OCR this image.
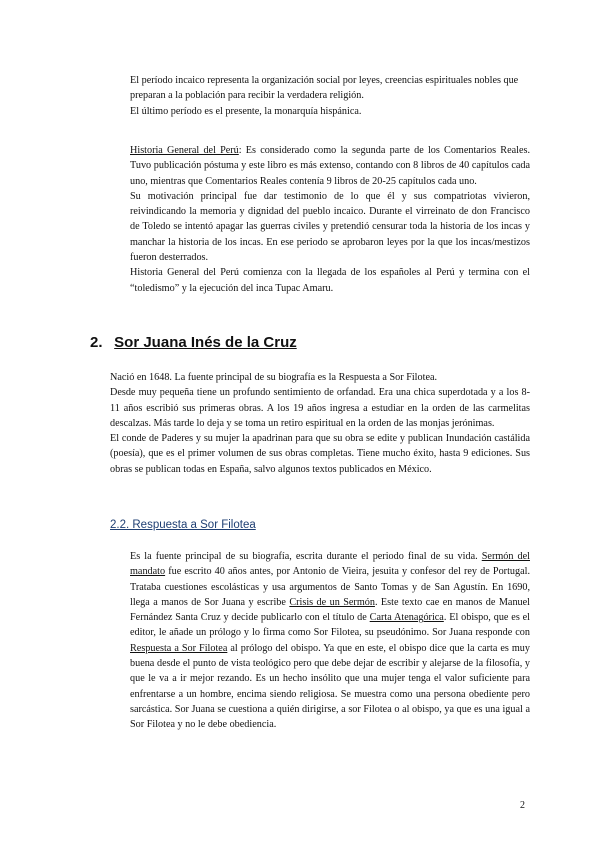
El período incaico representa la organización social por leyes, creencias espirituales nobles que preparan a la población para recibir la verdadera religión.

El último período es el presente, la monarquía hispánica.

Historia General del Perú: Es considerado como la segunda parte de los Comentarios Reales. Tuvo publicación póstuma y este libro es más extenso, contando con 8 libros de 40 capítulos cada uno, mientras que Comentarios Reales contenía 9 libros de 20-25 capítulos cada uno.

Su motivación principal fue dar testimonio de lo que él y sus compatriotas vivieron, reivindicando la memoria y dignidad del pueblo incaico. Durante el virreinato de don Francisco de Toledo se intentó apagar las guerras civiles y pretendió censurar toda la historia de los incas y manchar la historia de los incas. En ese periodo se aprobaron leyes por la que los incas/mestizos fueron desterrados.

Historia General del Perú comienza con la llegada de los españoles al Perú y termina con el “toledismo” y la ejecución del inca Tupac Amaru.

2. Sor Juana Inés de la Cruz

Nació en 1648. La fuente principal de su biografía es la Respuesta a Sor Filotea.

Desde muy pequeña tiene un profundo sentimiento de orfandad. Era una chica superdotada y a los 8-11 años escribió sus primeras obras. A los 19 años ingresa a estudiar en la orden de las carmelitas descalzas. Más tarde lo deja y se toma un retiro espiritual en la orden de las monjas jerónimas.

El conde de Paderes y su mujer la apadrinan para que su obra se edite y publican Inundación castálida (poesía), que es el primer volumen de sus obras completas. Tiene mucho éxito, hasta 9 ediciones. Sus obras se publican todas en España, salvo algunos textos publicados en México.

2.2. Respuesta a Sor Filotea

Es la fuente principal de su biografía, escrita durante el periodo final de su vida. Sermón del mandato fue escrito 40 años antes, por Antonio de Vieira, jesuita y confesor del rey de Portugal. Trataba cuestiones escolásticas y usa argumentos de Santo Tomas y de San Agustín. En 1690, llega a manos de Sor Juana y escribe Crisis de un Sermón. Este texto cae en manos de Manuel Fernández Santa Cruz y decide publicarlo con el título de Carta Atenagórica. El obispo, que es el editor, le añade un prólogo y lo firma como Sor Filotea, su pseudónimo. Sor Juana responde con Respuesta a Sor Filotea al prólogo del obispo. Ya que en este, el obispo dice que la carta es muy buena desde el punto de vista teológico pero que debe dejar de escribir y alejarse de la filosofía, y que le va a ir mejor rezando. Es un hecho insólito que una mujer tenga el valor suficiente para enfrentarse a un hombre, encima siendo religiosa. Se muestra como una persona obediente pero sarcástica. Sor Juana se cuestiona a quién dirigirse, a sor Filotea o al obispo, ya que es una igual a Sor Filotea y no le debe obediencia.

2
